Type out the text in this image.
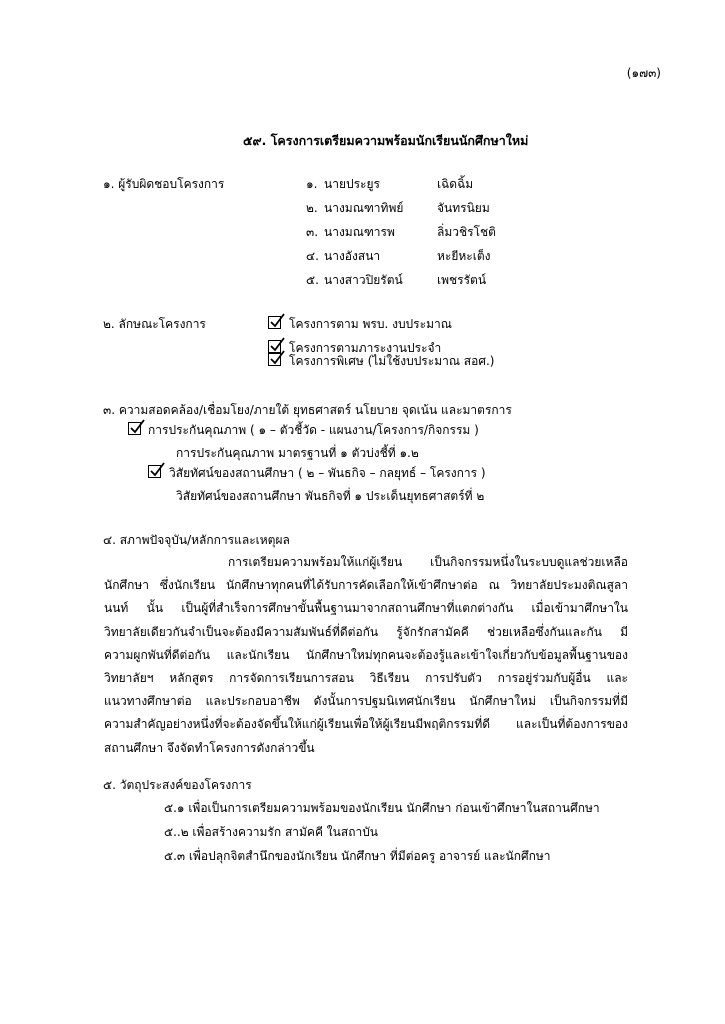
(๑๗๓)
๕๙. โครงการเตรียมความพร้อมนักเรียนนักศึกษาใหม่
๑. ผู้รับผิดชอบโครงการ	๑. นายประยูร	เฉิดฉิ้ม
๒. นางมณฑาทิพย์	จันทรนิยม
๓. นางมณฑารพ	ลิ่มวชิรโชติ
๔. นางอังสนา	หะยีหะเต็ง
๕. นางสาวปิยรัตน์	เพชรรัตน์
๒. ลักษณะโครงการ	โครงการตาม พรบ. งบประมาณ
โครงการตามภาระงานประจำ
โครงการพิเศษ (ไม่ใช้งบประมาณ สอศ.)
๓. ความสอดคล้อง/เชื่อมโยง/ภายใต้ ยุทธศาสตร์ นโยบาย จุดเน้น และมาตรการ
การประกันคุณภาพ ( ๑ – ตัวชี้วัด - แผนงาน/โครงการ/กิจกรรม )
การประกันคุณภาพ มาตรฐานที่ ๑ ตัวบ่งชี้ที่ ๑.๒
วิสัยทัศน์ของสถานศึกษา ( ๒ – พันธกิจ – กลยุทธ์ – โครงการ )
วิสัยทัศน์ของสถานศึกษา พันธกิจที่ ๑ ประเด็นยุทธศาสตร์ที่ ๒
๔. สภาพปัจจุบัน/หลักการและเหตุผล
การเตรียมความพร้อมให้แก่ผู้เรียน เป็นกิจกรรมหนึ่งในระบบดูแลช่วยเหลือ
นักศึกษา ซึ่งนักเรียน นักศึกษาทุกคนที่ได้รับการคัดเลือกให้เข้าศึกษาต่อ ณ วิทยาลัยประมงติณสูลา
นนท์ นั้น เป็นผู้ที่สำเร็จการศึกษาขั้นพื้นฐานมาจากสถานศึกษาที่แตกต่างกัน เมื่อเข้ามาศึกษาใน
วิทยาลัยเดียวกันจำเป็นจะต้องมีความสัมพันธ์ที่ดีต่อกัน รู้จักรักสามัคคี ช่วยเหลือซึ่งกันและกัน มี
ความผูกพันที่ดีต่อกัน และนักเรียน นักศึกษาใหม่ทุกคนจะต้องรู้และเข้าใจเกี่ยวกับข้อมูลพื้นฐานของ
วิทยาลัยฯ หลักสูตร การจัดการเรียนการสอน วิธีเรียน การปรับตัว การอยู่ร่วมกับผู้อื่น และ
แนวทางศึกษาต่อ และประกอบอาชีพ ดังนั้นการปฐมนิเทศนักเรียน นักศึกษาใหม่ เป็นกิจกรรมที่มี
ความสำคัญอย่างหนึ่งที่จะต้องจัดขึ้นให้แก่ผู้เรียนเพื่อให้ผู้เรียนมีพฤติกรรมที่ดี และเป็นที่ต้องการของ
สถานศึกษา จึงจัดทำโครงการดังกล่าวขึ้น
๕. วัตถุประสงค์ของโครงการ
๕.๑ เพื่อเป็นการเตรียมความพร้อมของนักเรียน นักศึกษา ก่อนเข้าศึกษาในสถานศึกษา
๕..๒ เพื่อสร้างความรัก สามัคคี ในสถาบัน
๕.๓ เพื่อปลุกจิตสำนึกของนักเรียน นักศึกษา ที่มีต่อครู อาจารย์ และนักศึกษา
